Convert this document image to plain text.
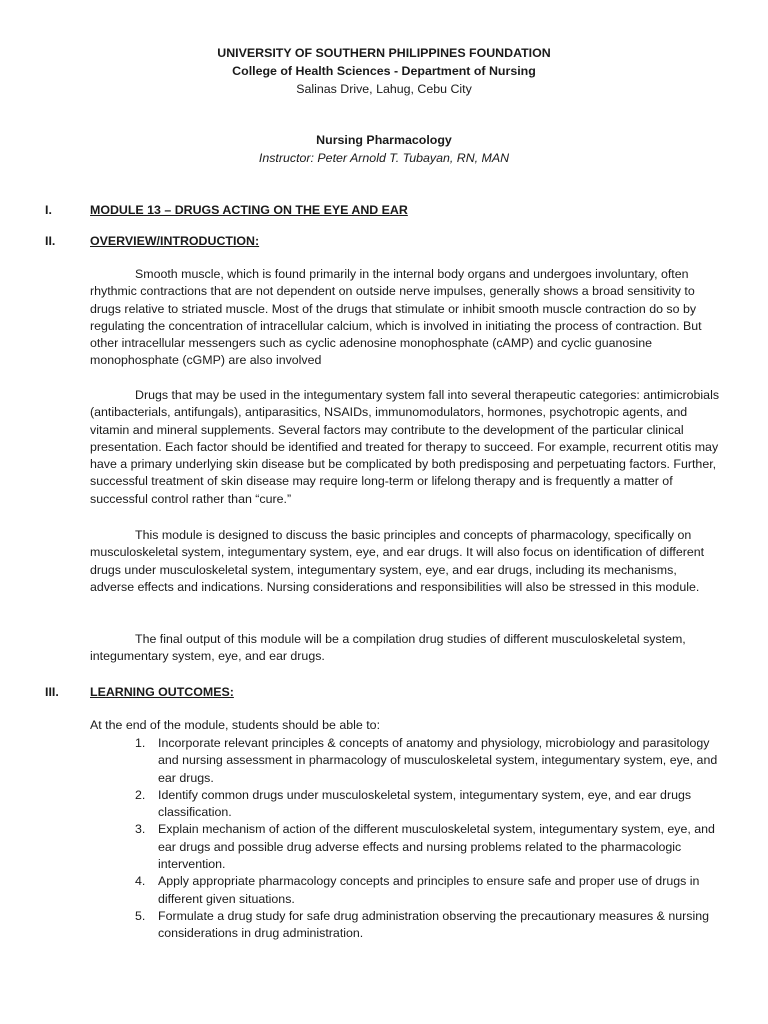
UNIVERSITY OF SOUTHERN PHILIPPINES FOUNDATION
College of Health Sciences - Department of Nursing
Salinas Drive, Lahug, Cebu City
Nursing Pharmacology
Instructor: Peter Arnold T. Tubayan, RN, MAN
I.	MODULE 13 – DRUGS ACTING ON THE EYE AND EAR
II.	OVERVIEW/INTRODUCTION:

Smooth muscle, which is found primarily in the internal body organs and undergoes involuntary, often rhythmic contractions that are not dependent on outside nerve impulses, generally shows a broad sensitivity to drugs relative to striated muscle. Most of the drugs that stimulate or inhibit smooth muscle contraction do so by regulating the concentration of intracellular calcium, which is involved in initiating the process of contraction. But other intracellular messengers such as cyclic adenosine monophosphate (cAMP) and cyclic guanosine monophosphate (cGMP) are also involved

Drugs that may be used in the integumentary system fall into several therapeutic categories: antimicrobials (antibacterials, antifungals), antiparasitics, NSAIDs, immunomodulators, hormones, psychotropic agents, and vitamin and mineral supplements. Several factors may contribute to the development of the particular clinical presentation. Each factor should be identified and treated for therapy to succeed. For example, recurrent otitis may have a primary underlying skin disease but be complicated by both predisposing and perpetuating factors. Further, successful treatment of skin disease may require long-term or lifelong therapy and is frequently a matter of successful control rather than “cure.”

This module is designed to discuss the basic principles and concepts of pharmacology, specifically on musculoskeletal system, integumentary system, eye, and ear drugs. It will also focus on identification of different drugs under musculoskeletal system, integumentary system, eye, and ear drugs, including its mechanisms, adverse effects and indications. Nursing considerations and responsibilities will also be stressed in this module.

The final output of this module will be a compilation drug studies of different musculoskeletal system, integumentary system, eye, and ear drugs.

III.	LEARNING OUTCOMES:
At the end of the module, students should be able to:
1. Incorporate relevant principles & concepts of anatomy and physiology, microbiology and parasitology and nursing assessment in pharmacology of musculoskeletal system, integumentary system, eye, and ear drugs.
2. Identify common drugs under musculoskeletal system, integumentary system, eye, and ear drugs classification.
3. Explain mechanism of action of the different musculoskeletal system, integumentary system, eye, and ear drugs and possible drug adverse effects and nursing problems related to the pharmacologic intervention.
4. Apply appropriate pharmacology concepts and principles to ensure safe and proper use of drugs in different given situations.
5. Formulate a drug study for safe drug administration observing the precautionary measures & nursing considerations in drug administration.
